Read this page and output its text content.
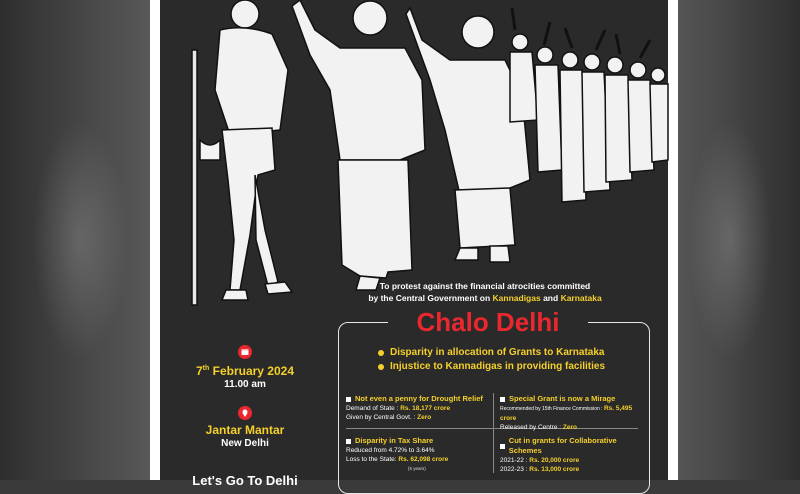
To protest against the financial atrocities committed
by the Central Government on Kannadigas and Karnataka
Chalo Delhi
Disparity in allocation of Grants to Karnataka
Injustice to Kannadigas in providing facilities
Not even a penny for Drought Relief
Demand of State : Rs. 18,177 crore
Given by Central Govt. : Zero
Special Grant is now a Mirage
Recommended by 15th Finance Commission : Rs. 5,495 crore
Released by Centre : Zero
Disparity in Tax Share
Reduced from 4.72% to 3.64%
Loss to the State: Rs. 62,098 crore
(5 years)
Cut in grants for Collaborative Schemes
2021-22 : Rs. 20,000 crore
2022-23 : Rs. 13,000 crore
7th February 2024
11.00 am
Jantar Mantar
New Delhi
Let's Go To Delhi
